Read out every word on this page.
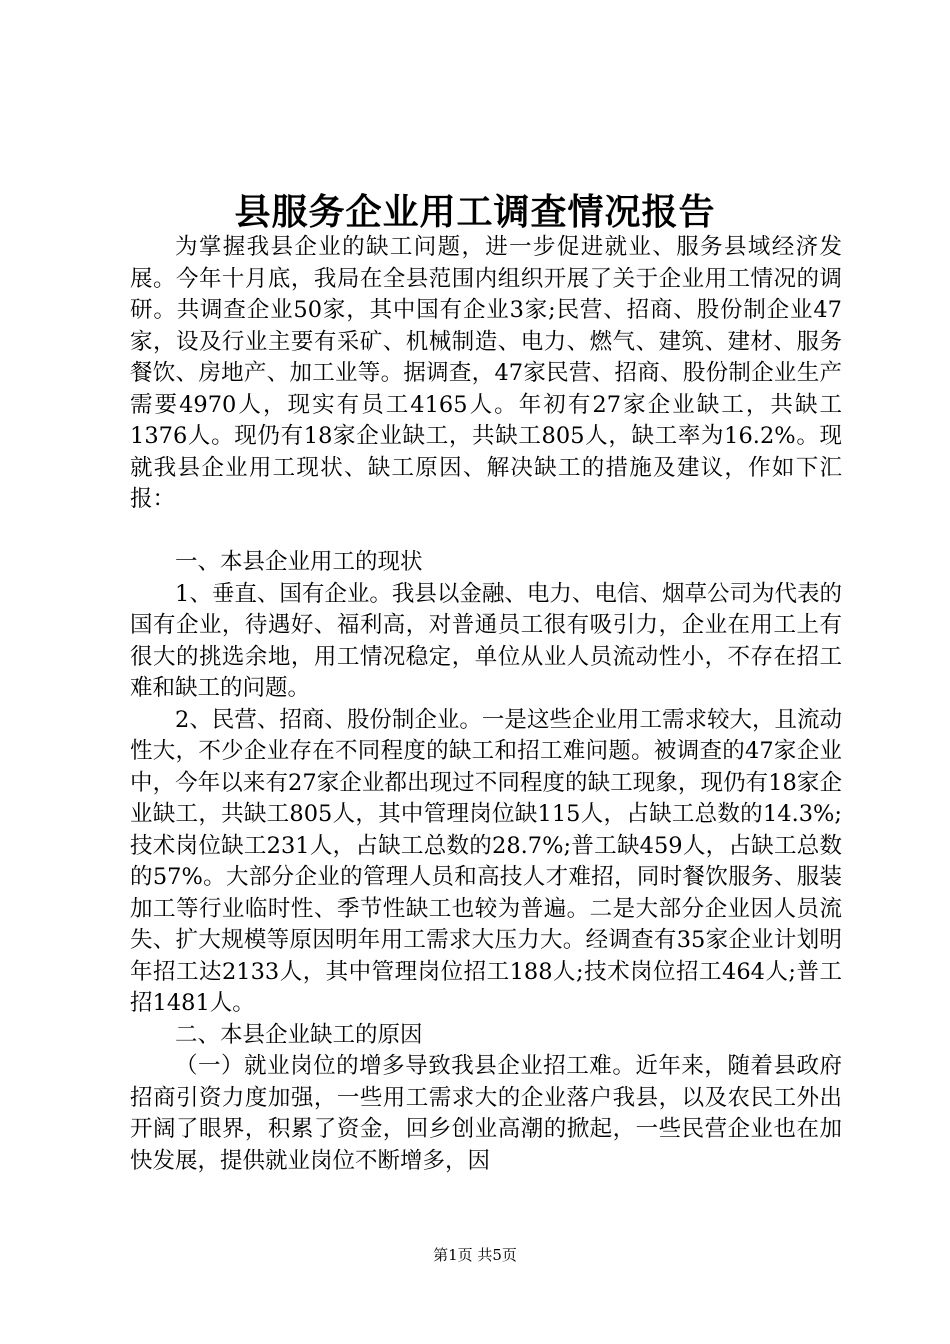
县服务企业用工调查情况报告

为掌握我县企业的缺工问题，进一步促进就业、服务县域经济发展。今年十月底，我局在全县范围内组织开展了关于企业用工情况的调研。共调查企业50家，其中国有企业3家;民营、招商、股份制企业47家，设及行业主要有采矿、机械制造、电力、燃气、建筑、建材、服务餐饮、房地产、加工业等。据调查，47家民营、招商、股份制企业生产需要4970人，现实有员工4165人。年初有27家企业缺工，共缺工1376人。现仍有18家企业缺工，共缺工805人，缺工率为16.2%。现就我县企业用工现状、缺工原因、解决缺工的措施及建议，作如下汇报：

一、本县企业用工的现状

1、垂直、国有企业。我县以金融、电力、电信、烟草公司为代表的国有企业，待遇好、福利高，对普通员工很有吸引力，企业在用工上有很大的挑选余地，用工情况稳定，单位从业人员流动性小，不存在招工难和缺工的问题。

2、民营、招商、股份制企业。一是这些企业用工需求较大，且流动性大，不少企业存在不同程度的缺工和招工难问题。被调查的47家企业中，今年以来有27家企业都出现过不同程度的缺工现象，现仍有18家企业缺工，共缺工805人，其中管理岗位缺115人，占缺工总数的14.3%;技术岗位缺工231人，占缺工总数的28.7%;普工缺459人，占缺工总数的57%。大部分企业的管理人员和高技人才难招，同时餐饮服务、服装加工等行业临时性、季节性缺工也较为普遍。二是大部分企业因人员流失、扩大规模等原因明年用工需求大压力大。经调查有35家企业计划明年招工达2133人，其中管理岗位招工188人;技术岗位招工464人;普工招1481人。

二、本县企业缺工的原因

（一）就业岗位的增多导致我县企业招工难。近年来，随着县政府招商引资力度加强，一些用工需求大的企业落户我县，以及农民工外出开阔了眼界，积累了资金，回乡创业高潮的掀起，一些民营企业也在加快发展，提供就业岗位不断增多，因

第1页 共5页
